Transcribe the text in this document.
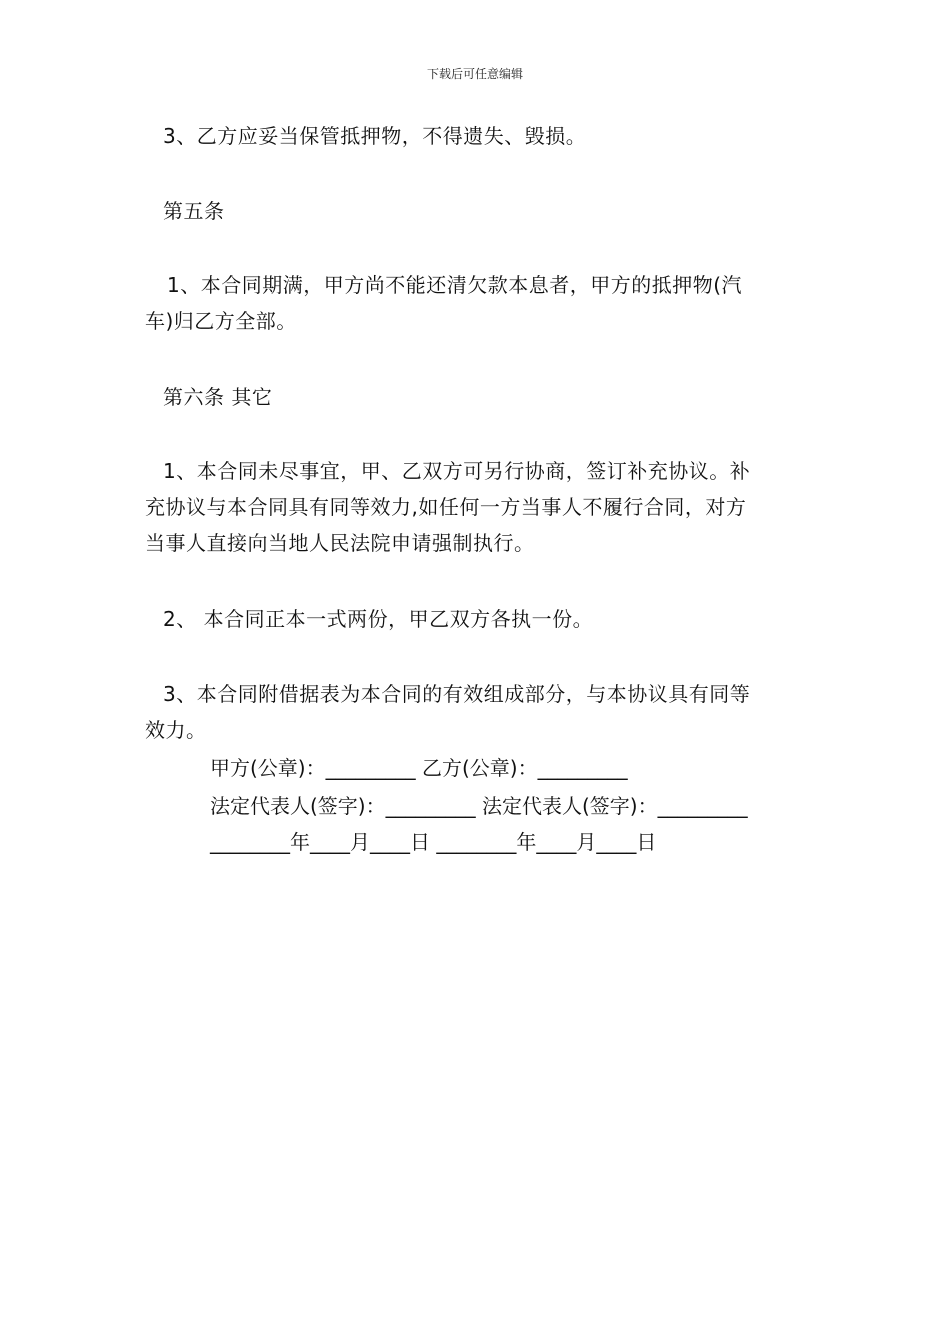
下载后可任意编辑
3、乙方应妥当保管抵押物，不得遗失、毁损。
第五条
1、本合同期满，甲方尚不能还清欠款本息者，甲方的抵押物(汽
车)归乙方全部。
第六条 其它
1、本合同未尽事宜，甲、乙双方可另行协商，签订补充协议。补
充协议与本合同具有同等效力,如任何一方当事人不履行合同，对方
当事人直接向当地人民法院申请强制执行。
2、 本合同正本一式两份，甲乙双方各执一份。
3、本合同附借据表为本合同的有效组成部分，与本协议具有同等
效力。
甲方(公章)：_________ 乙方(公章)：_________
法定代表人(签字)：_________ 法定代表人(签字)：_________
________年____月____日 ________年____月____日
